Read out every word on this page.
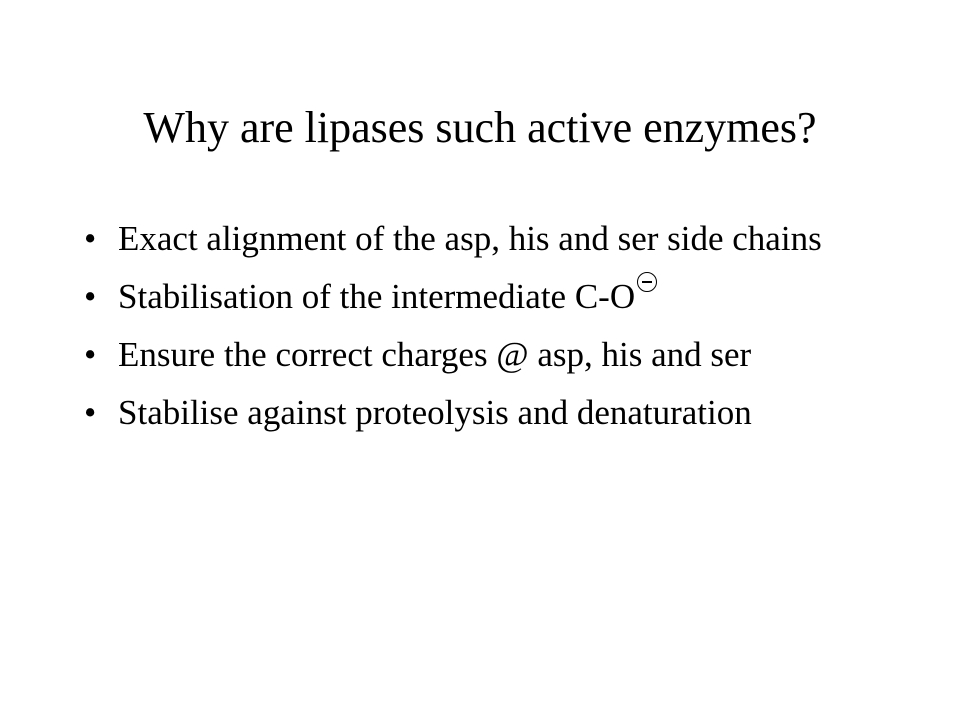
Why are lipases such active enzymes?
• Exact alignment of the asp, his and ser side chains
• Stabilisation of the intermediate C-O
• Ensure the correct charges @ asp, his and ser
• Stabilise against proteolysis and denaturation
